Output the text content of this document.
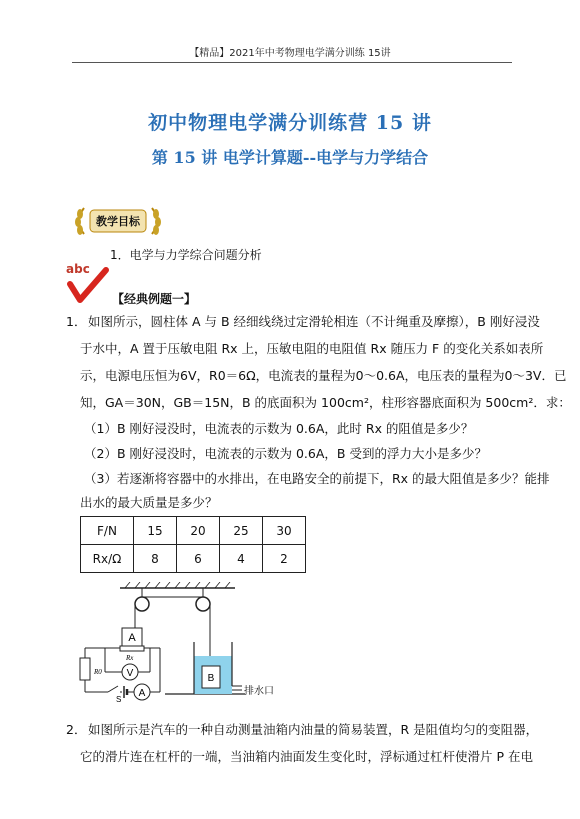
【精品】2021年中考物理电学满分训练 15讲
初中物理电学满分训练营 15 讲
第 15 讲 电学计算题--电学与力学结合
教学目标
1．电学与力学综合问题分析
abc
【经典例题一】
1． 如图所示，圆柱体 A 与 B 经细线绕过定滑轮相连（不计绳重及摩擦），B 刚好浸没
于水中，A 置于压敏电阻 Rx 上，压敏电阻的电阻值 Rx 随压力 F 的变化关系如表所
示，电源电压恒为6V，R0＝6Ω，电流表的量程为0～0.6A，电压表的量程为0～3V．已
知，GA＝30N，GB＝15N，B 的底面积为 100cm²，柱形容器底面积为 500cm²．求：
（1）B 刚好浸没时，电流表的示数为 0.6A，此时 Rx 的阻值是多少？
（2）B 刚好浸没时，电流表的示数为 0.6A，B 受到的浮力大小是多少？
（3）若逐渐将容器中的水排出，在电路安全的前提下，Rx 的最大阻值是多少？能排
出水的最大质量是多少？
F/N	15	20	25	30
Rx/Ω	8	6	4	2
A
Rx
R0 V
S
A
B
排水口
2． 如图所示是汽车的一种自动测量油箱内油量的简易装置，R 是阻值均匀的变阻器，
它的滑片连在杠杆的一端，当油箱内油面发生变化时，浮标通过杠杆使滑片 P 在电
